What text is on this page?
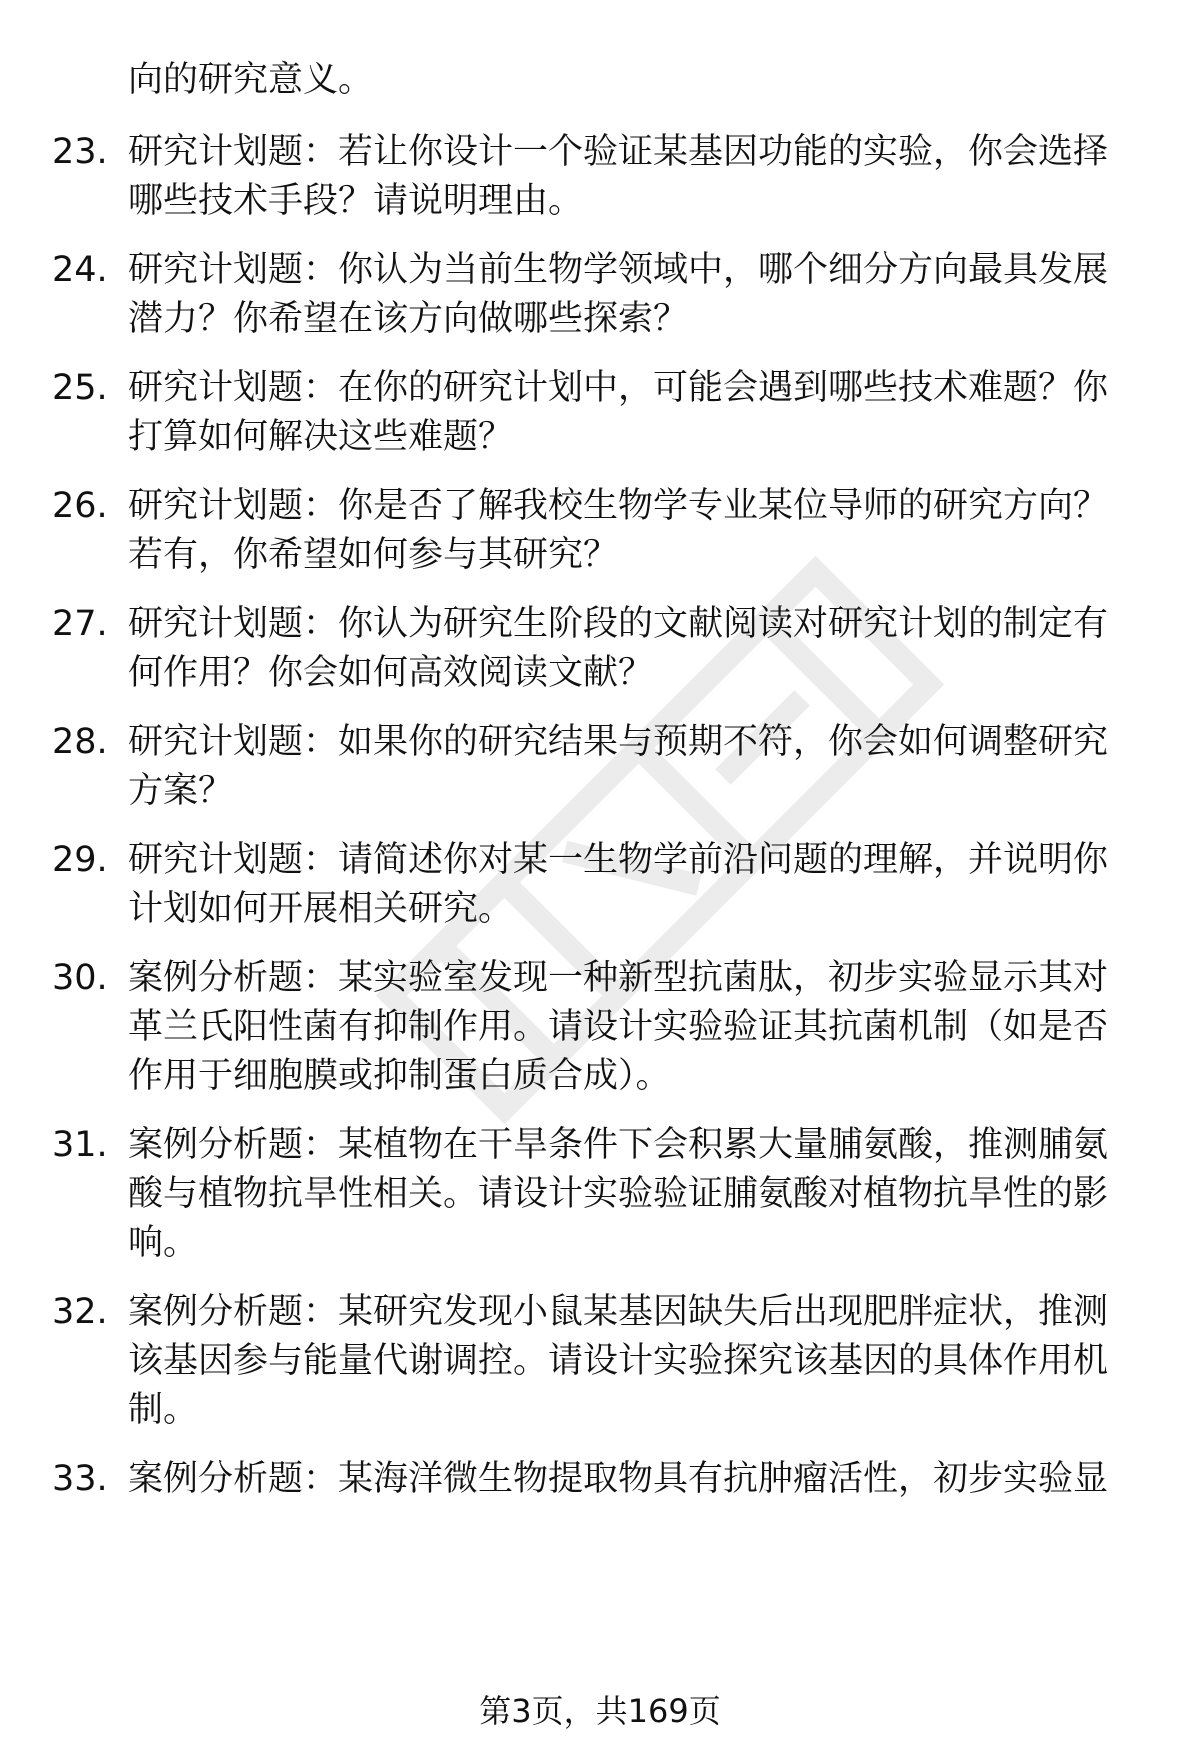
向的研究意义。
23. 研究计划题：若让你设计一个验证某基因功能的实验，你会选择
哪些技术手段？请说明理由。
24. 研究计划题：你认为当前生物学领域中，哪个细分方向最具发展
潜力？你希望在该方向做哪些探索？
25. 研究计划题：在你的研究计划中，可能会遇到哪些技术难题？你
打算如何解决这些难题？
26. 研究计划题：你是否了解我校生物学专业某位导师的研究方向？
若有，你希望如何参与其研究？
27. 研究计划题：你认为研究生阶段的文献阅读对研究计划的制定有
何作用？你会如何高效阅读文献？
28. 研究计划题：如果你的研究结果与预期不符，你会如何调整研究
方案？
29. 研究计划题：请简述你对某一生物学前沿问题的理解，并说明你
计划如何开展相关研究。
30. 案例分析题：某实验室发现一种新型抗菌肽，初步实验显示其对
革兰氏阳性菌有抑制作用。请设计实验验证其抗菌机制（如是否
作用于细胞膜或抑制蛋白质合成）。
31. 案例分析题：某植物在干旱条件下会积累大量脯氨酸，推测脯氨
酸与植物抗旱性相关。请设计实验验证脯氨酸对植物抗旱性的影
响。
32. 案例分析题：某研究发现小鼠某基因缺失后出现肥胖症状，推测
该基因参与能量代谢调控。请设计实验探究该基因的具体作用机
制。
33. 案例分析题：某海洋微生物提取物具有抗肿瘤活性，初步实验显
第3页，共169页
